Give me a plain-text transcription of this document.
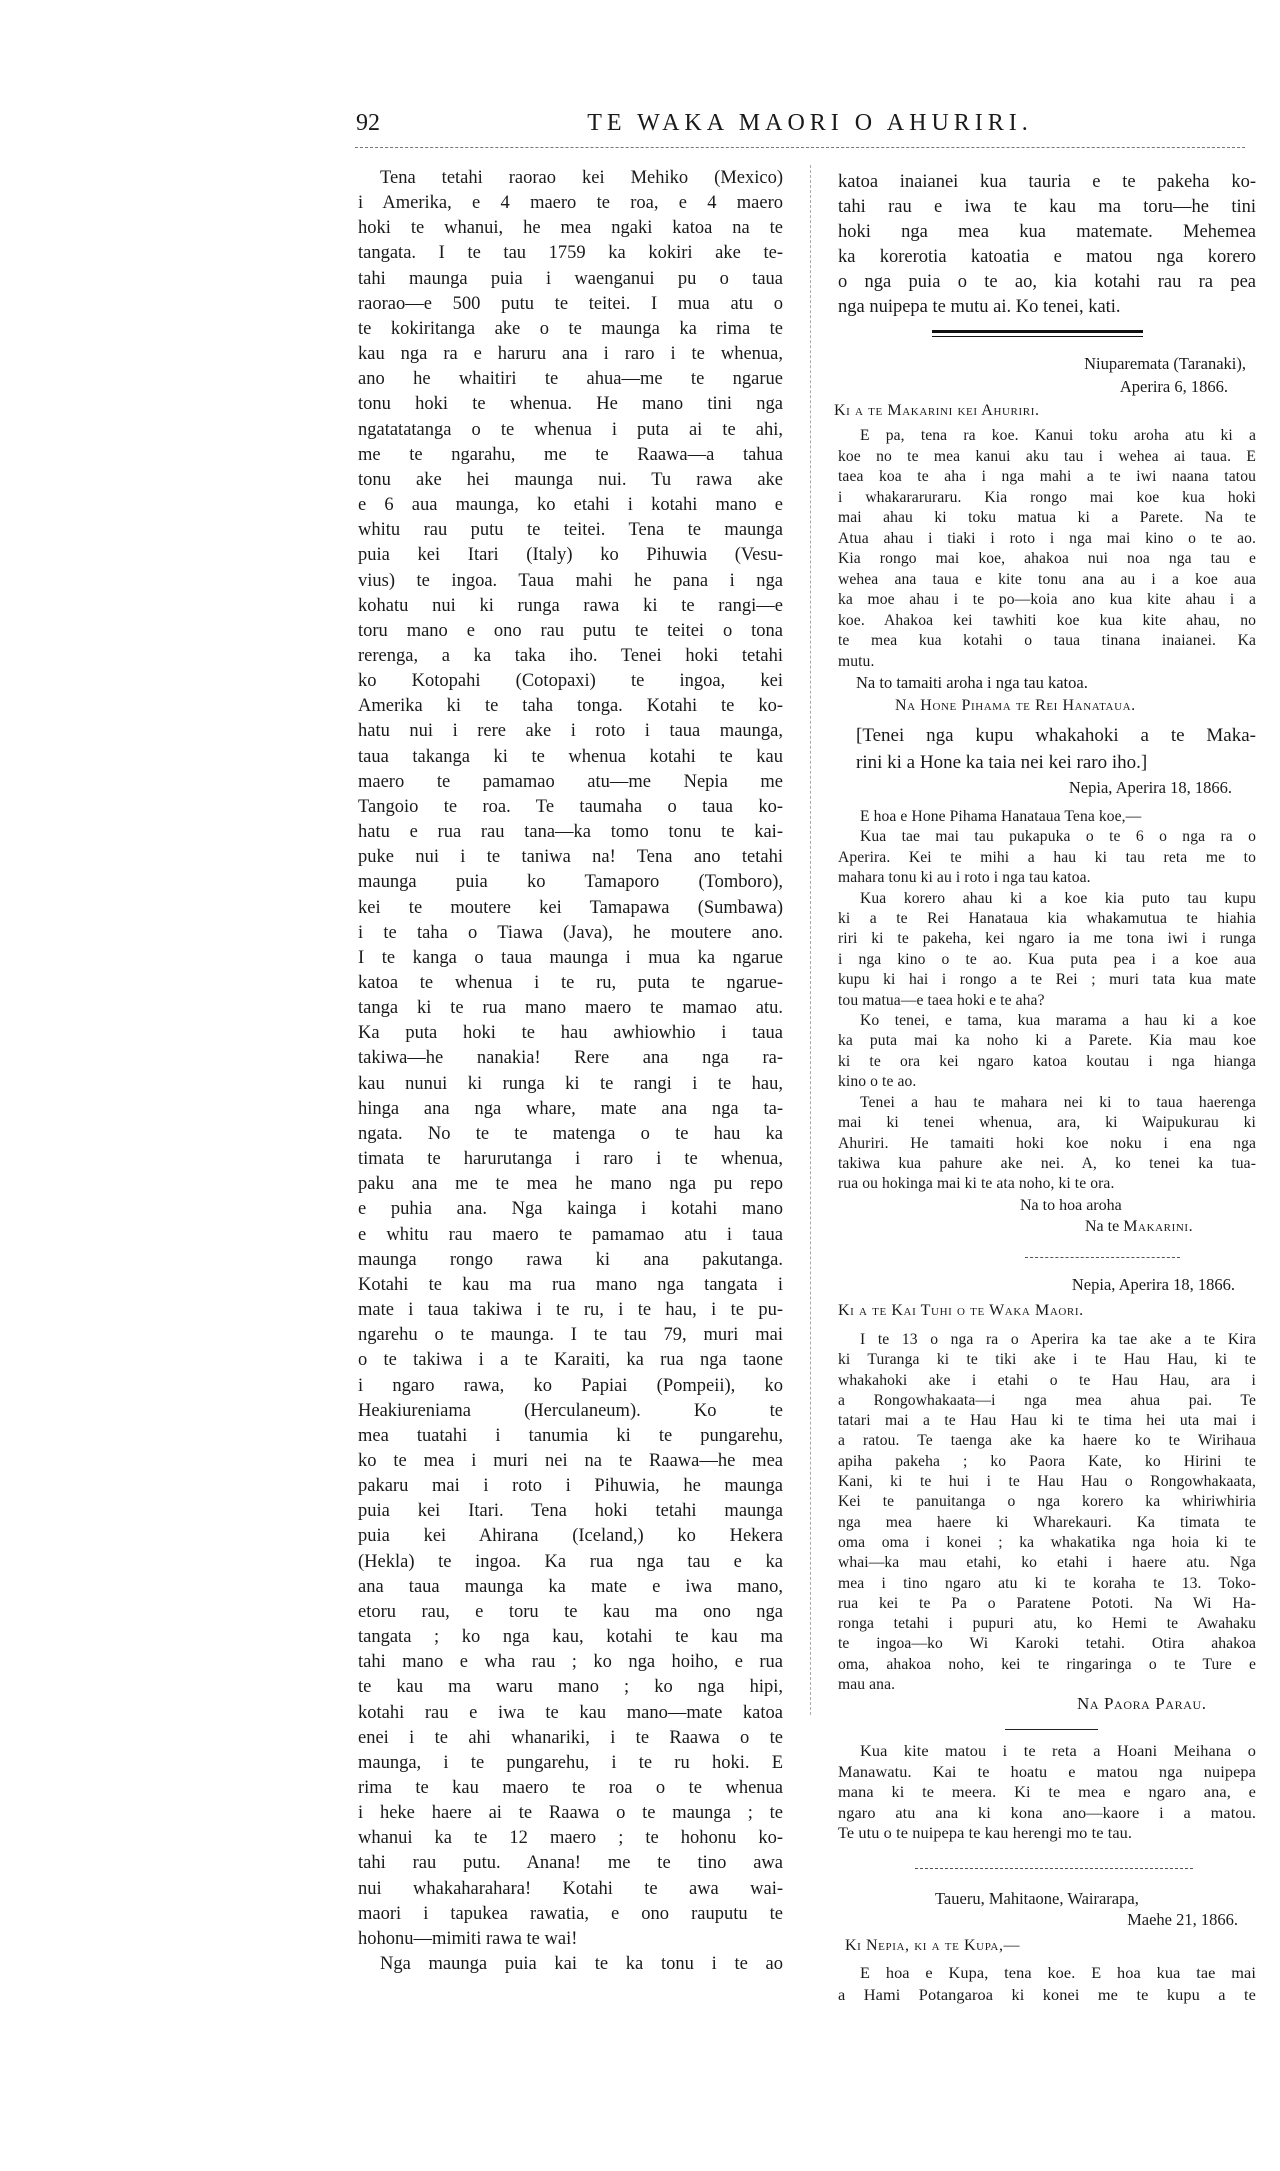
92	TE WAKA MAORI O AHURIRI.
Tena tetahi raorao kei Mehiko (Mexico)
i Amerika, e 4 maero te roa, e 4 maero
hoki te whanui, he mea ngaki katoa na te
tangata. I te tau 1759 ka kokiri ake te-
tahi maunga puia i waenganui pu o taua
raorao—e 500 putu te teitei. I mua atu o
te kokiritanga ake o te maunga ka rima te
kau nga ra e haruru ana i raro i te whenua,
ano he whaitiri te ahua—me te ngarue
tonu hoki te whenua. He mano tini nga
ngatatatanga o te whenua i puta ai te ahi,
me te ngarahu, me te Raawa—a tahua
tonu ake hei maunga nui. Tu rawa ake
e 6 aua maunga, ko etahi i kotahi mano e
whitu rau putu te teitei. Tena te maunga
puia kei Itari (Italy) ko Pihuwia (Vesu-
vius) te ingoa. Taua mahi he pana i nga
kohatu nui ki runga rawa ki te rangi—e
toru mano e ono rau putu te teitei o tona
rerenga, a ka taka iho. Tenei hoki tetahi
ko Kotopahi (Cotopaxi) te ingoa, kei
Amerika ki te taha tonga. Kotahi te ko-
hatu nui i rere ake i roto i taua maunga,
taua takanga ki te whenua kotahi te kau
maero te pamamao atu—me Nepia me
Tangoio te roa. Te taumaha o taua ko-
hatu e rua rau tana—ka tomo tonu te kai-
puke nui i te taniwa na! Tena ano tetahi
maunga puia ko Tamaporo (Tomboro),
kei te moutere kei Tamapawa (Sumbawa)
i te taha o Tiawa (Java), he moutere ano.
I te kanga o taua maunga i mua ka ngarue
katoa te whenua i te ru, puta te ngarue-
tanga ki te rua mano maero te mamao atu.
Ka puta hoki te hau awhiowhio i taua
takiwa—he nanakia! Rere ana nga ra-
kau nunui ki runga ki te rangi i te hau,
hinga ana nga whare, mate ana nga ta-
ngata. No te te matenga o te hau ka
timata te harurutanga i raro i te whenua,
paku ana me te mea he mano nga pu repo
e puhia ana. Nga kainga i kotahi mano
e whitu rau maero te pamamao atu i taua
maunga rongo rawa ki ana pakutanga.
Kotahi te kau ma rua mano nga tangata i
mate i taua takiwa i te ru, i te hau, i te pu-
ngarehu o te maunga. I te tau 79, muri mai
o te takiwa i a te Karaiti, ka rua nga taone
i ngaro rawa, ko Papiai (Pompeii), ko
Heakiureniama (Herculaneum). Ko te
mea tuatahi i tanumia ki te pungarehu,
ko te mea i muri nei na te Raawa—he mea
pakaru mai i roto i Pihuwia, he maunga
puia kei Itari. Tena hoki tetahi maunga
puia kei Ahirana (Iceland,) ko Hekera
(Hekla) te ingoa. Ka rua nga tau e ka
ana taua maunga ka mate e iwa mano,
etoru rau, e toru te kau ma ono nga
tangata ; ko nga kau, kotahi te kau ma
tahi mano e wha rau ; ko nga hoiho, e rua
te kau ma waru mano ; ko nga hipi,
kotahi rau e iwa te kau mano—mate katoa
enei i te ahi whanariki, i te Raawa o te
maunga, i te pungarehu, i te ru hoki. E
rima te kau maero te roa o te whenua
i heke haere ai te Raawa o te maunga ; te
whanui ka te 12 maero ; te hohonu ko-
tahi rau putu. Anana! me te tino awa
nui whakaharahara! Kotahi te awa wai-
maori i tapukea rawatia, e ono rauputu te
hohonu—mimiti rawa te wai!
Nga maunga puia kai te ka tonu i te ao
katoa inaianei kua tauria e te pakeha ko-
tahi rau e iwa te kau ma toru—he tini
hoki nga mea kua matemate. Mehemea
ka korerotia katoatia e matou nga korero
o nga puia o te ao, kia kotahi rau ra pea
nga nuipepa te mutu ai. Ko tenei, kati.
Niuparemata (Taranaki),
Aperira 6, 1866.
Ki a te Makarini kei Ahuriri.
E pa, tena ra koe. Kanui toku aroha atu ki a
koe no te mea kanui aku tau i wehea ai taua. E
taea koa te aha i nga mahi a te iwi naana tatou
i whakararuraru. Kia rongo mai koe kua hoki
mai ahau ki toku matua ki a Parete. Na te
Atua ahau i tiaki i roto i nga mai kino o te ao.
Kia rongo mai koe, ahakoa nui noa nga tau e
wehea ana taua e kite tonu ana au i a koe aua
ka moe ahau i te po—koia ano kua kite ahau i a
koe. Ahakoa kei tawhiti koe kua kite ahau, no
te mea kua kotahi o taua tinana inaianei. Ka
mutu.
Na to tamaiti aroha i nga tau katoa.
Na Hone Pihama te Rei Hanataua.
[Tenei nga kupu whakahoki a te Maka-
rini ki a Hone ka taia nei kei raro iho.]
Nepia, Aperira 18, 1866.
E hoa e Hone Pihama Hanataua Tena koe,—
Kua tae mai tau pukapuka o te 6 o nga ra o
Aperira. Kei te mihi a hau ki tau reta me to
mahara tonu ki au i roto i nga tau katoa.
Kua korero ahau ki a koe kia puto tau kupu
ki a te Rei Hanataua kia whakamutua te hiahia
riri ki te pakeha, kei ngaro ia me tona iwi i runga
i nga kino o te ao. Kua puta pea i a koe aua
kupu ki hai i rongo a te Rei ; muri tata kua mate
tou matua—e taea hoki e te aha?
Ko tenei, e tama, kua marama a hau ki a koe
ka puta mai ka noho ki a Parete. Kia mau koe
ki te ora kei ngaro katoa koutau i nga hianga
kino o te ao.
Tenei a hau te mahara nei ki to taua haerenga
mai ki tenei whenua, ara, ki Waipukurau ki
Ahuriri. He tamaiti hoki koe noku i ena nga
takiwa kua pahure ake nei. A, ko tenei ka tua-
rua ou hokinga mai ki te ata noho, ki te ora.
Na to hoa aroha
Na te Makarini.
Nepia, Aperira 18, 1866.
Ki a te Kai Tuhi o te Waka Maori.
I te 13 o nga ra o Aperira ka tae ake a te Kira
ki Turanga ki te tiki ake i te Hau Hau, ki te
whakahoki ake i etahi o te Hau Hau, ara i
a Rongowhakaata—i nga mea ahua pai. Te
tatari mai a te Hau Hau ki te tima hei uta mai i
a ratou. Te taenga ake ka haere ko te Wirihaua
apiha pakeha ; ko Paora Kate, ko Hirini te
Kani, ki te hui i te Hau Hau o Rongowhakaata,
Kei te panuitanga o nga korero ka whiriwhiria
nga mea haere ki Wharekauri. Ka timata te
oma oma i konei ; ka whakatika nga hoia ki te
whai—ka mau etahi, ko etahi i haere atu. Nga
mea i tino ngaro atu ki te koraha te 13. Toko-
rua kei te Pa o Paratene Pototi. Na Wi Ha-
ronga tetahi i pupuri atu, ko Hemi te Awahaku
te ingoa—ko Wi Karoki tetahi. Otira ahakoa
oma, ahakoa noho, kei te ringaringa o te Ture e
mau ana.
Na Paora Parau.
Kua kite matou i te reta a Hoani Meihana o
Manawatu. Kai te hoatu e matou nga nuipepa
mana ki te meera. Ki te mea e ngaro ana, e
ngaro atu ana ki kona ano—kaore i a matou.
Te utu o te nuipepa te kau herengi mo te tau.
Taueru, Mahitaone, Wairarapa,
Maehe 21, 1866.
Ki Nepia, ki a te Kupa,—
E hoa e Kupa, tena koe. E hoa kua tae mai
a Hami Potangaroa ki konei me te kupu a te
